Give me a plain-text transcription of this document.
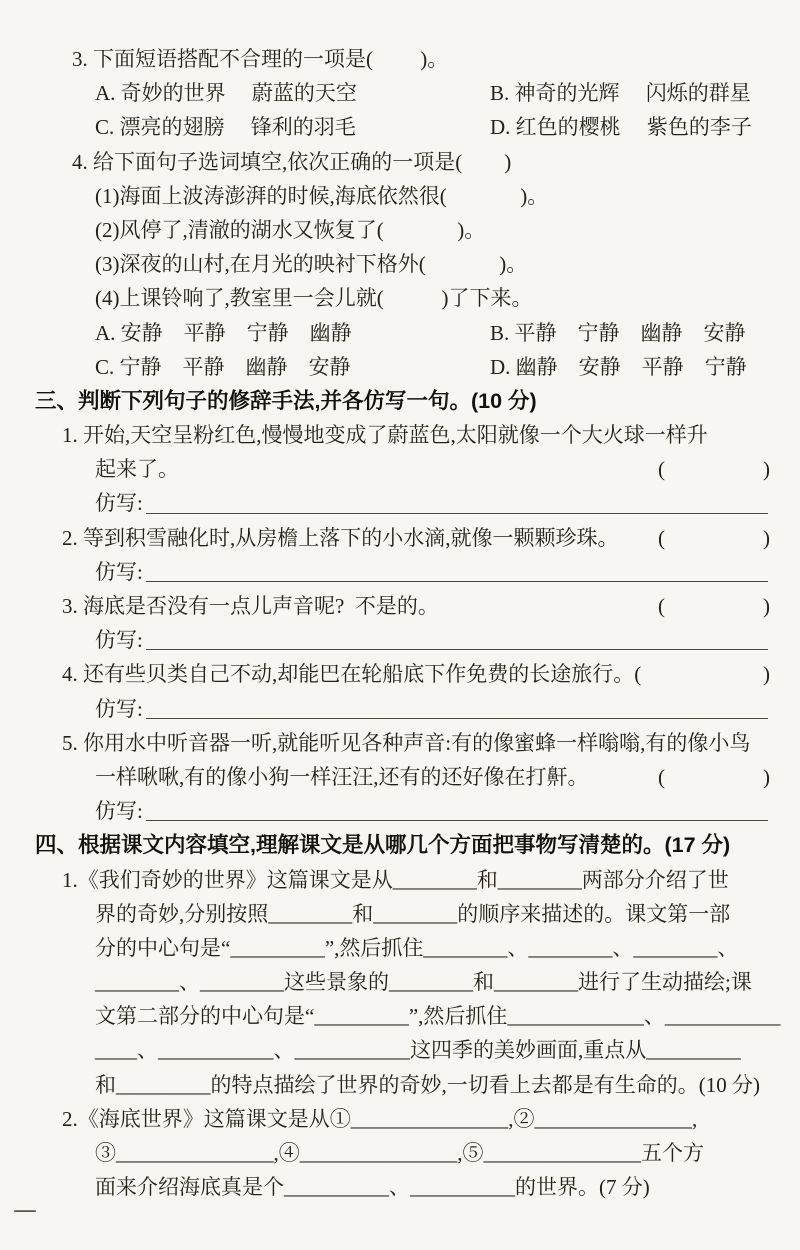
3. 下面短语搭配不合理的一项是(         )。
A. 奇妙的世界　 蔚蓝的天空	B. 神奇的光辉　 闪烁的群星
C. 漂亮的翅膀　 锋利的羽毛	D. 红色的樱桃　 紫色的李子
4. 给下面句子选词填空,依次正确的一项是(        )
(1)海面上波涛澎湃的时候,海底依然很(              )。
(2)风停了,清澈的湖水又恢复了(              )。
(3)深夜的山村,在月光的映衬下格外(              )。
(4)上课铃响了,教室里一会儿就(           )了下来。
A. 安静　平静　宁静　幽静	B. 平静　宁静　幽静　安静
C. 宁静　平静　幽静　安静	D. 幽静　安静　平静　宁静
三、判断下列句子的修辞手法,并各仿写一句。(10 分)
1. 开始,天空呈粉红色,慢慢地变成了蔚蓝色,太阳就像一个大火球一样升
起来了。	(	)
仿写:
2. 等到积雪融化时,从房檐上落下的小水滴,就像一颗颗珍珠。 (	)
仿写:
3. 海底是否没有一点儿声音呢?  不是的。	(	)
仿写:
4. 还有些贝类自己不动,却能巴在轮船底下作免费的长途旅行。 (	)
仿写:
5. 你用水中听音器一听,就能听见各种声音:有的像蜜蜂一样嗡嗡,有的像小鸟
一样啾啾,有的像小狗一样汪汪,还有的还好像在打鼾。	(	)
仿写:
四、根据课文内容填空,理解课文是从哪几个方面把事物写清楚的。(17 分)
1.《我们奇妙的世界》这篇课文是从________和________两部分介绍了世
界的奇妙,分别按照________和________的顺序来描述的。课文第一部
分的中心句是“_________”,然后抓住________、________、________、
________、________这些景象的________和________进行了生动描绘;课
文第二部分的中心句是“_________”,然后抓住_____________、___________
____、___________、___________这四季的美妙画面,重点从_________
和_________的特点描绘了世界的奇妙,一切看上去都是有生命的。(10 分)
2.《海底世界》这篇课文是从①_______________,②_______________,
③_______________,④_______________,⑤_______________五个方
面来介绍海底真是个__________、__________的世界。(7 分)
—
